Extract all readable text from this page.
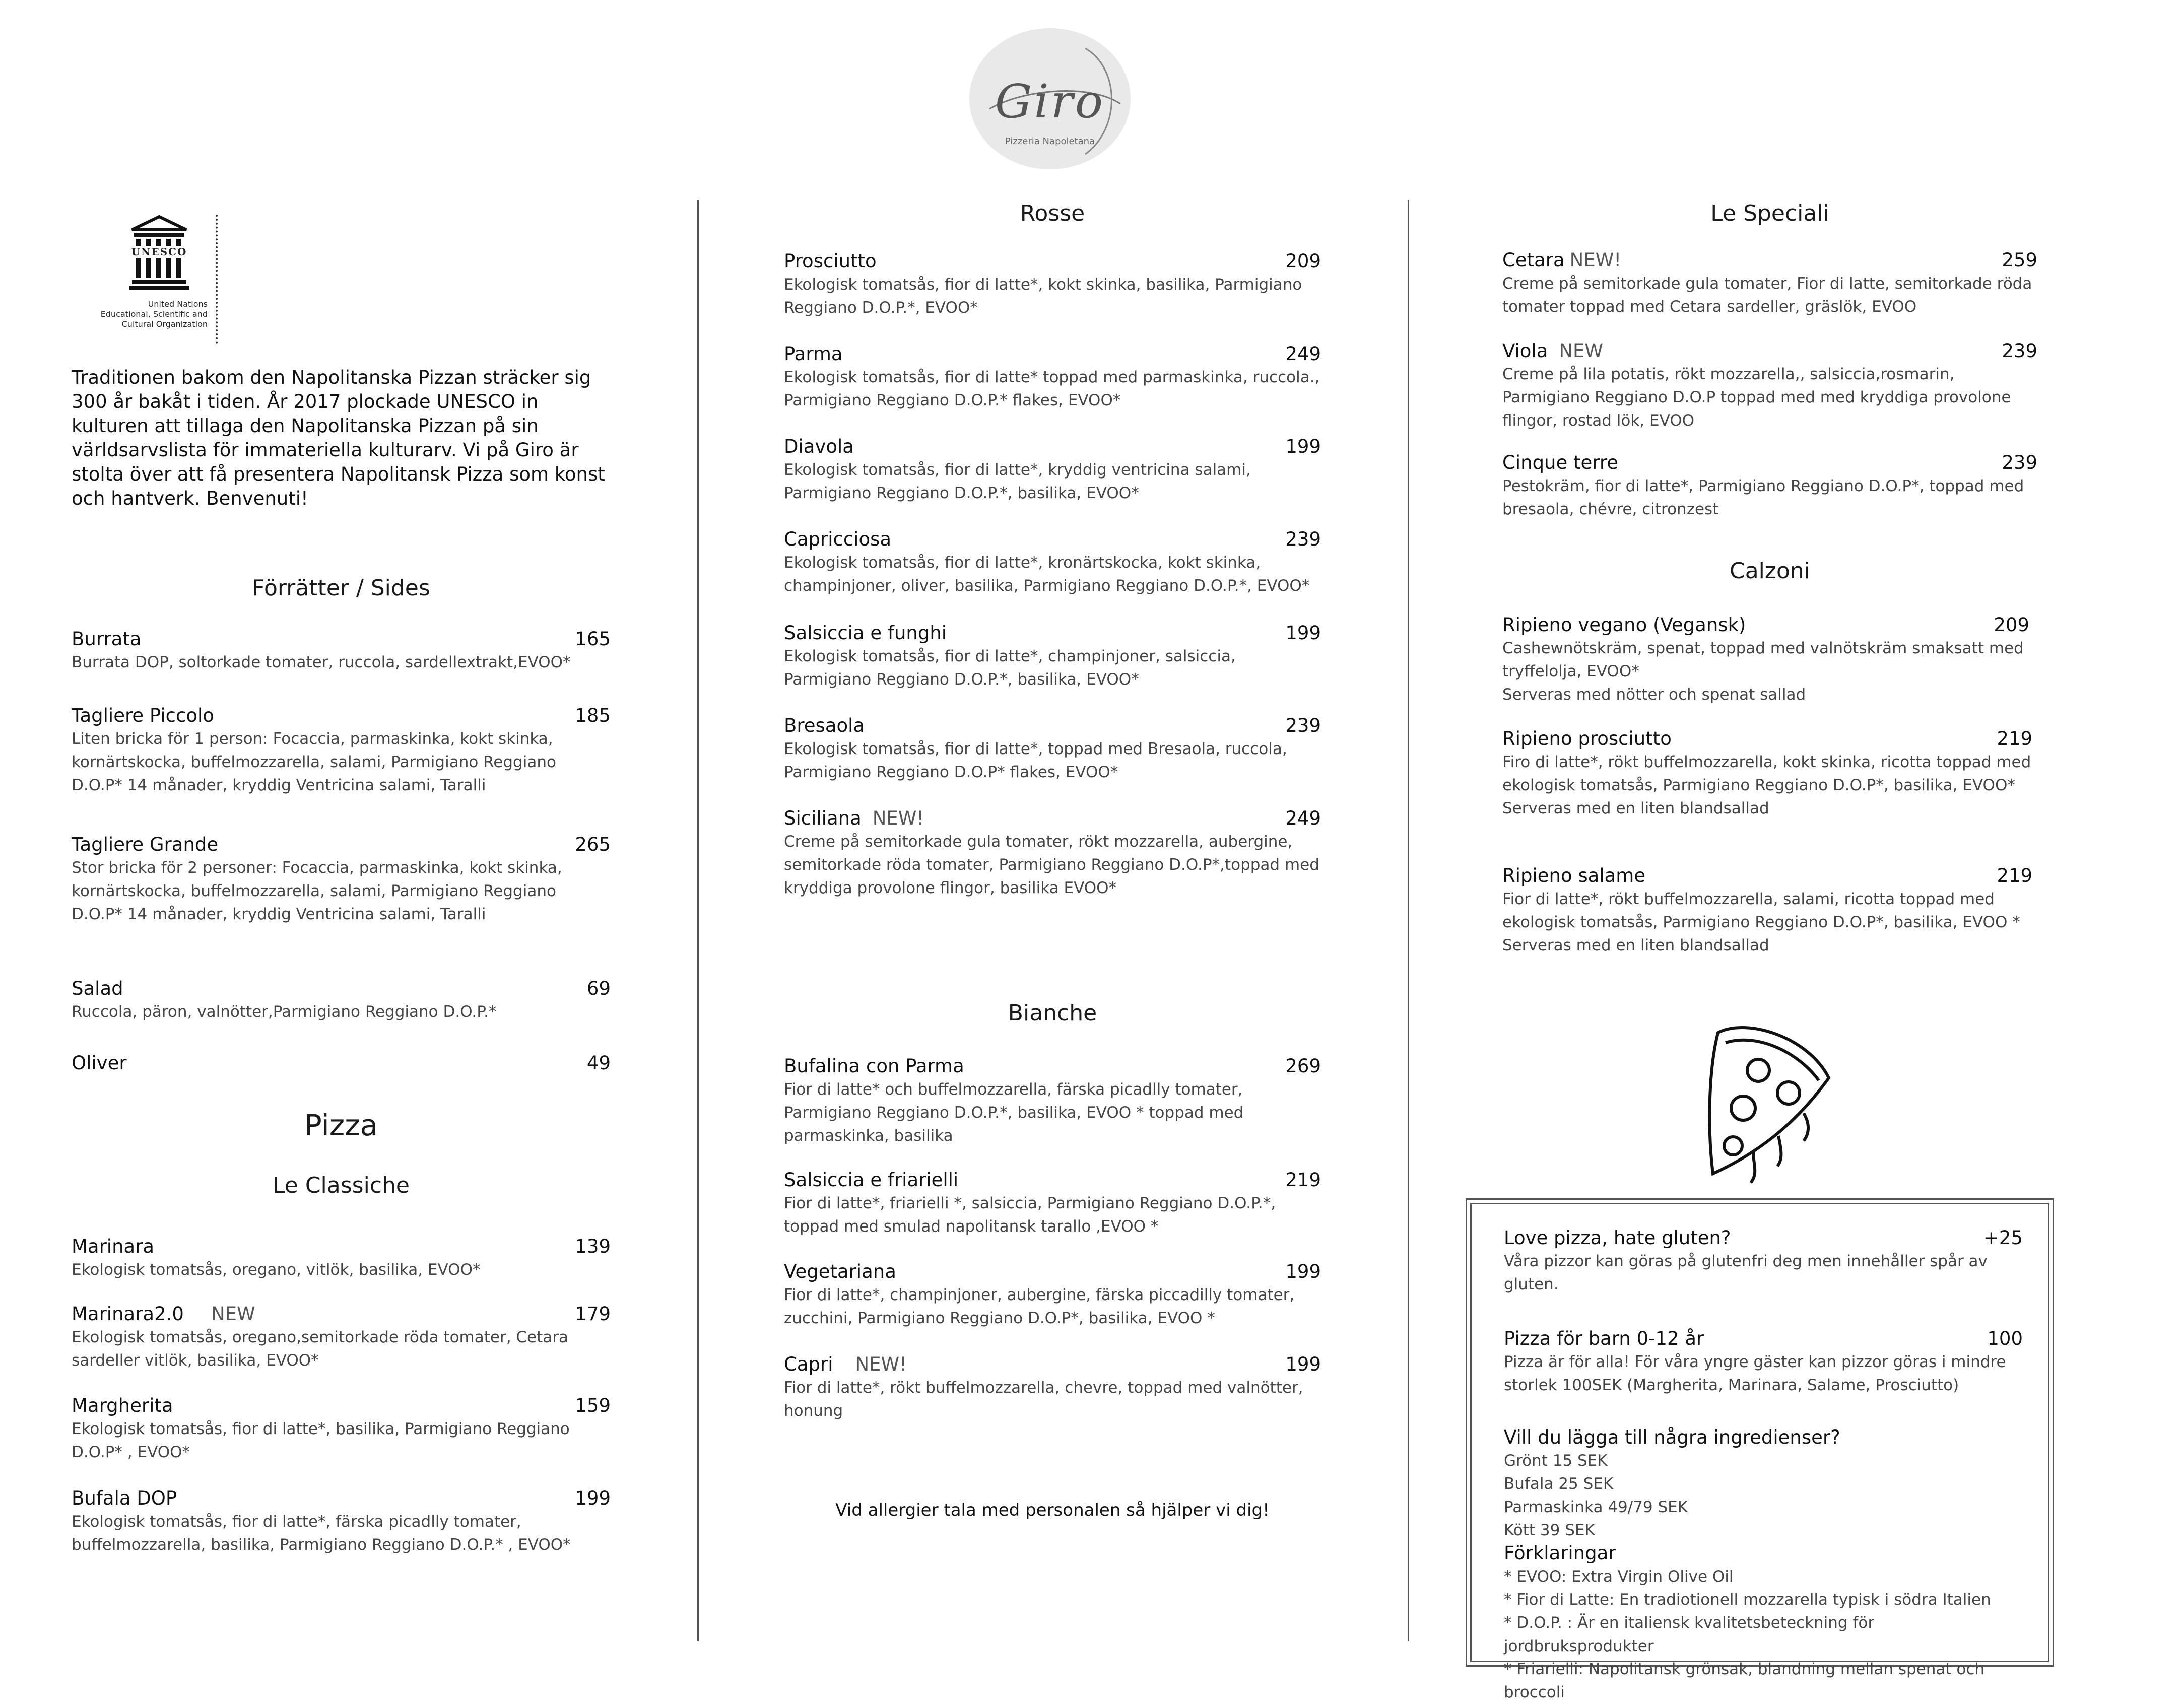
Giro
Pizzeria Napoletana
UNESCO
United Nations
Educational, Scientific and
Cultural Organization
Traditionen bakom den Napolitanska Pizzan sträcker sig 300 år bakåt i tiden. År 2017 plockade UNESCO in kulturen att tillaga den Napolitanska Pizzan på sin världsarvslista för immateriella kulturarv. Vi på Giro är stolta över att få presentera Napolitansk Pizza som konst och hantverk. Benvenuti!
Förrätter / Sides
Burrata	165
Burrata DOP, soltorkade tomater, ruccola, sardellextrakt,EVOO*
Tagliere Piccolo	185
Liten bricka för 1 person: Focaccia, parmaskinka, kokt skinka, kornärtskocka, buffelmozzarella, salami, Parmigiano Reggiano D.O.P* 14 månader, kryddig Ventricina salami, Taralli
Tagliere Grande	265
Stor bricka för 2 personer: Focaccia, parmaskinka, kokt skinka, kornärtskocka, buffelmozzarella, salami, Parmigiano Reggiano D.O.P* 14 månader, kryddig Ventricina salami, Taralli
Salad	69
Ruccola, päron, valnötter,Parmigiano Reggiano D.O.P.*
Oliver	49
Pizza
Le Classiche
Marinara	139
Ekologisk tomatsås, oregano, vitlök, basilika, EVOO*
Marinara2.0 NEW	179
Ekologisk tomatsås, oregano,semitorkade röda tomater, Cetara sardeller vitlök, basilika, EVOO*
Margherita	159
Ekologisk tomatsås, fior di latte*, basilika, Parmigiano Reggiano D.O.P* , EVOO*
Bufala DOP	199
Ekologisk tomatsås, fior di latte*, färska picadlly tomater, buffelmozzarella, basilika, Parmigiano Reggiano D.O.P.* , EVOO*
Rosse
Prosciutto	209
Ekologisk tomatsås, fior di latte*, kokt skinka, basilika, Parmigiano Reggiano D.O.P.*, EVOO*
Parma	249
Ekologisk tomatsås, fior di latte* toppad med parmaskinka, ruccola., Parmigiano Reggiano D.O.P.* flakes, EVOO*
Diavola	199
Ekologisk tomatsås, fior di latte*, kryddig ventricina salami, Parmigiano Reggiano D.O.P.*, basilika, EVOO*
Capricciosa	239
Ekologisk tomatsås, fior di latte*, kronärtskocka, kokt skinka, champinjoner, oliver, basilika, Parmigiano Reggiano D.O.P.*, EVOO*
Salsiccia e funghi	199
Ekologisk tomatsås, fior di latte*, champinjoner, salsiccia, Parmigiano Reggiano D.O.P.*, basilika, EVOO*
Bresaola	239
Ekologisk tomatsås, fior di latte*, toppad med Bresaola, ruccola, Parmigiano Reggiano D.O.P* flakes, EVOO*
Siciliana NEW!	249
Creme på semitorkade gula tomater, rökt mozzarella, aubergine, semitorkade röda tomater, Parmigiano Reggiano D.O.P*,toppad med kryddiga provolone flingor, basilika EVOO*
Bianche
Bufalina con Parma	269
Fior di latte* och buffelmozzarella, färska picadlly tomater, Parmigiano Reggiano D.O.P.*, basilika, EVOO * toppad med parmaskinka, basilika
Salsiccia e friarielli	219
Fior di latte*, friarielli *, salsiccia, Parmigiano Reggiano D.O.P.*, toppad med smulad napolitansk tarallo ,EVOO *
Vegetariana	199
Fior di latte*, champinjoner, aubergine, färska piccadilly tomater, zucchini, Parmigiano Reggiano D.O.P*, basilika, EVOO *
Capri NEW!	199
Fior di latte*, rökt buffelmozzarella, chevre, toppad med valnötter, honung
Vid allergier tala med personalen så hjälper vi dig!
Le Speciali
Cetara NEW!	259
Creme på semitorkade gula tomater, Fior di latte, semitorkade röda tomater toppad med Cetara sardeller, gräslök, EVOO
Viola NEW	239
Creme på lila potatis, rökt mozzarella,, salsiccia,rosmarin, Parmigiano Reggiano D.O.P toppad med med kryddiga provolone flingor, rostad lök, EVOO
Cinque terre	239
Pestokräm, fior di latte*, Parmigiano Reggiano D.O.P*, toppad med bresaola, chévre, citronzest
Calzoni
Ripieno vegano (Vegansk)	209
Cashewnötskräm, spenat, toppad med valnötskräm smaksatt med tryffelolja, EVOO*
Serveras med nötter och spenat sallad
Ripieno prosciutto	219
Firo di latte*, rökt buffelmozzarella, kokt skinka, ricotta toppad med ekologisk tomatsås, Parmigiano Reggiano D.O.P*, basilika, EVOO*
Serveras med en liten blandsallad
Ripieno salame	219
Fior di latte*, rökt buffelmozzarella, salami, ricotta toppad med ekologisk tomatsås, Parmigiano Reggiano D.O.P*, basilika, EVOO *
Serveras med en liten blandsallad
Love pizza, hate gluten?	+25
Våra pizzor kan göras på glutenfri deg men innehåller spår av gluten.
Pizza för barn 0-12 år	100
Pizza är för alla! För våra yngre gäster kan pizzor göras i mindre storlek 100SEK (Margherita, Marinara, Salame, Prosciutto)
Vill du lägga till några ingredienser?
Grönt 15 SEK
Bufala 25 SEK
Parmaskinka 49/79 SEK
Kött 39 SEK
Förklaringar
* EVOO: Extra Virgin Olive Oil
* Fior di Latte: En tradiotionell mozzarella typisk i södra Italien
* D.O.P. : Är en italiensk kvalitetsbeteckning för jordbruksprodukter
* Friarielli: Napolitansk grönsak, blandning mellan spenat och broccoli
